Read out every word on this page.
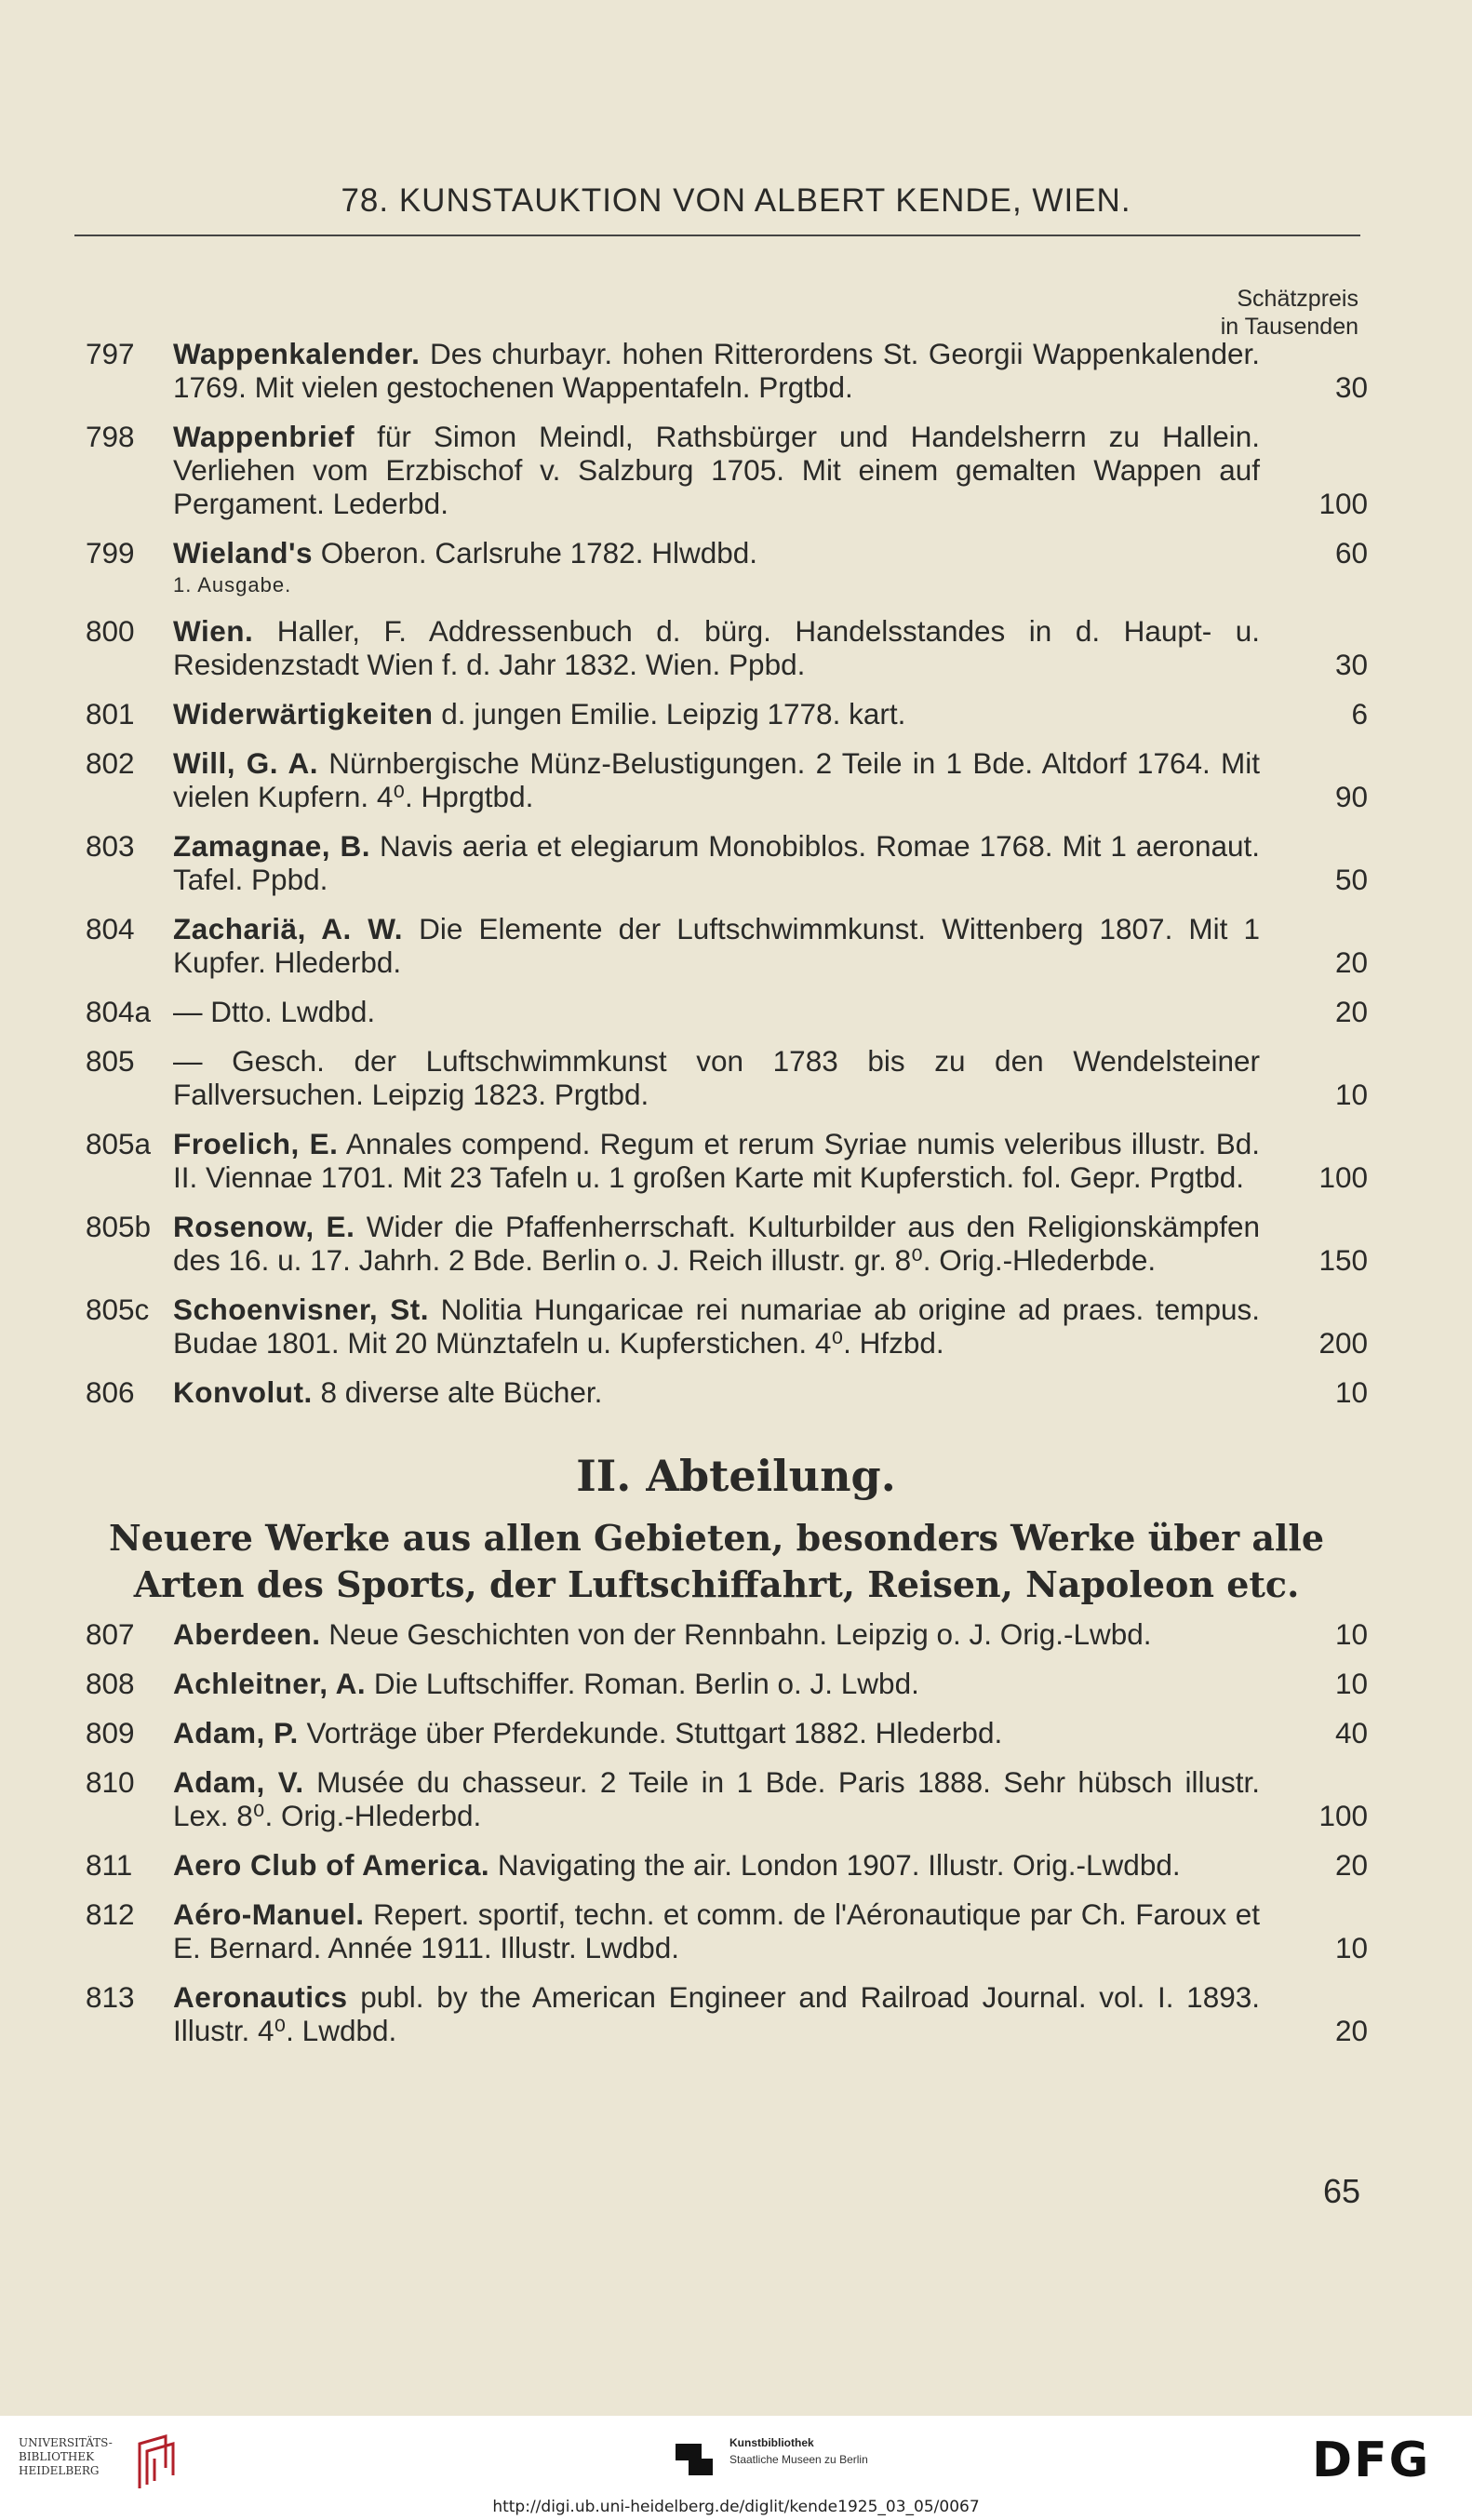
78. KUNSTAUKTION VON ALBERT KENDE, WIEN.
Schätzpreis
in Tausenden
797	Wappenkalender. Des churbayr. hohen Ritterordens St. Georgii Wappenkalender. 1769. Mit vielen gestochenen Wappentafeln. Prgtbd.	30
798	Wappenbrief für Simon Meindl, Rathsbürger und Handelsherrn zu Hallein. Verliehen vom Erzbischof v. Salzburg 1705. Mit einem gemalten Wappen auf Pergament. Lederbd.	100
799	Wieland's Oberon. Carlsruhe 1782. Hlwdbd.	60
1. Ausgabe.
800	Wien. Haller, F. Addressenbuch d. bürg. Handelsstandes in d. Haupt- u. Residenzstadt Wien f. d. Jahr 1832. Wien. Ppbd.	30
801	Widerwärtigkeiten d. jungen Emilie. Leipzig 1778. kart.	6
802	Will, G. A. Nürnbergische Münz-Belustigungen. 2 Teile in 1 Bde. Altdorf 1764. Mit vielen Kupfern. 4⁰. Hprgtbd.	90
803	Zamagnae, B. Navis aeria et elegiarum Monobiblos. Romae 1768. Mit 1 aeronaut. Tafel. Ppbd.	50
804	Zachariä, A. W. Die Elemente der Luftschwimmkunst. Wittenberg 1807. Mit 1 Kupfer. Hlederbd.	20
804a — Dtto. Lwdbd.	20
805	— Gesch. der Luftschwimmkunst von 1783 bis zu den Wendelsteiner Fallversuchen. Leipzig 1823. Prgtbd.	10
805a Froelich, E. Annales compend. Regum et rerum Syriae numis veleribus illustr. Bd. II. Viennae 1701. Mit 23 Tafeln u. 1 großen Karte mit Kupferstich. fol. Gepr. Prgtbd.	100
805b Rosenow, E. Wider die Pfaffenherrschaft. Kulturbilder aus den Religionskämpfen des 16. u. 17. Jahrh. 2 Bde. Berlin o. J. Reich illustr. gr. 8⁰. Orig.-Hlederbde.	150
805c Schoenvisner, St. Nolitia Hungaricae rei numariae ab origine ad praes. tempus. Budae 1801. Mit 20 Münztafeln u. Kupferstichen. 4⁰. Hfzbd.	200
806	Konvolut. 8 diverse alte Bücher.	10
II. Abteilung.
Neuere Werke aus allen Gebieten, besonders Werke über alle Arten des Sports, der Luftschiffahrt, Reisen, Napoleon etc.
807	Aberdeen. Neue Geschichten von der Rennbahn. Leipzig o. J. Orig.-Lwbd.	10
808	Achleitner, A. Die Luftschiffer. Roman. Berlin o. J. Lwbd.	10
809	Adam, P. Vorträge über Pferdekunde. Stuttgart 1882. Hlederbd.	40
810	Adam, V. Musée du chasseur. 2 Teile in 1 Bde. Paris 1888. Sehr hübsch illustr. Lex. 8⁰. Orig.-Hlederbd.	100
811	Aero Club of America. Navigating the air. London 1907. Illustr. Orig.-Lwdbd.	20
812	Aéro-Manuel. Repert. sportif, techn. et comm. de l'Aéronautique par Ch. Faroux et E. Bernard. Année 1911. Illustr. Lwdbd.	10
813	Aeronautics publ. by the American Engineer and Railroad Journal. vol. I. 1893. Illustr. 4⁰. Lwdbd.	20
65
UNIVERSITÄTS-
BIBLIOTHEK
HEIDELBERG
Kunstbibliothek
Staatliche Museen zu Berlin	DFG
http://digi.ub.uni-heidelberg.de/diglit/kende1925_03_05/0067
